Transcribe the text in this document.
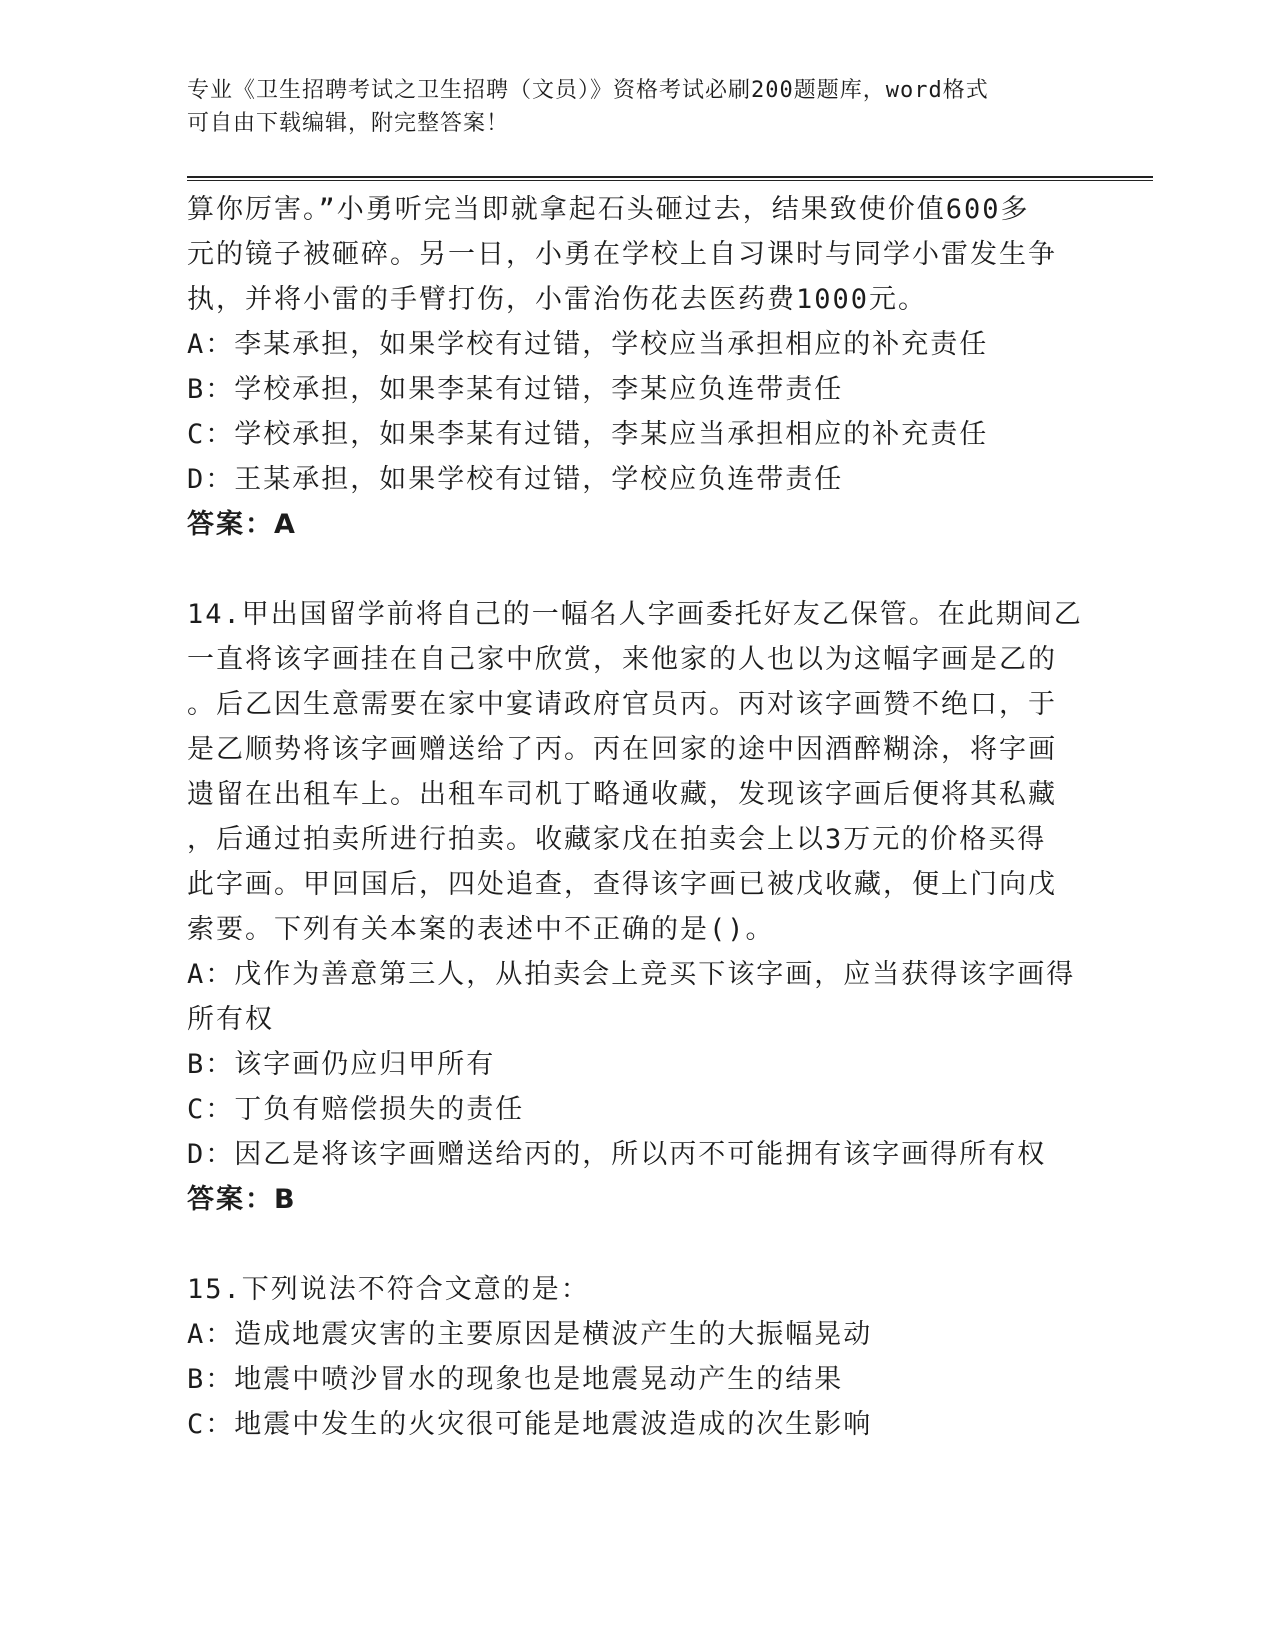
专业《卫生招聘考试之卫生招聘（文员）》资格考试必刷200题题库，word格式
可自由下载编辑，附完整答案！
算你厉害。”小勇听完当即就拿起石头砸过去，结果致使价值600多
元的镜子被砸碎。另一日，小勇在学校上自习课时与同学小雷发生争
执，并将小雷的手臂打伤，小雷治伤花去医药费1000元。
A：李某承担，如果学校有过错，学校应当承担相应的补充责任
B：学校承担，如果李某有过错，李某应负连带责任
C：学校承担，如果李某有过错，李某应当承担相应的补充责任
D：王某承担，如果学校有过错，学校应负连带责任
答案：A
14.甲出国留学前将自己的一幅名人字画委托好友乙保管。在此期间乙
一直将该字画挂在自己家中欣赏，来他家的人也以为这幅字画是乙的
。后乙因生意需要在家中宴请政府官员丙。丙对该字画赞不绝口，于
是乙顺势将该字画赠送给了丙。丙在回家的途中因酒醉糊涂，将字画
遗留在出租车上。出租车司机丁略通收藏，发现该字画后便将其私藏
，后通过拍卖所进行拍卖。收藏家戊在拍卖会上以3万元的价格买得
此字画。甲回国后，四处追查，查得该字画已被戊收藏，便上门向戊
索要。下列有关本案的表述中不正确的是()。
A：戊作为善意第三人，从拍卖会上竞买下该字画，应当获得该字画得
所有权
B：该字画仍应归甲所有
C：丁负有赔偿损失的责任
D：因乙是将该字画赠送给丙的，所以丙不可能拥有该字画得所有权
答案：B
15.下列说法不符合文意的是：
A：造成地震灾害的主要原因是横波产生的大振幅晃动
B：地震中喷沙冒水的现象也是地震晃动产生的结果
C：地震中发生的火灾很可能是地震波造成的次生影响
